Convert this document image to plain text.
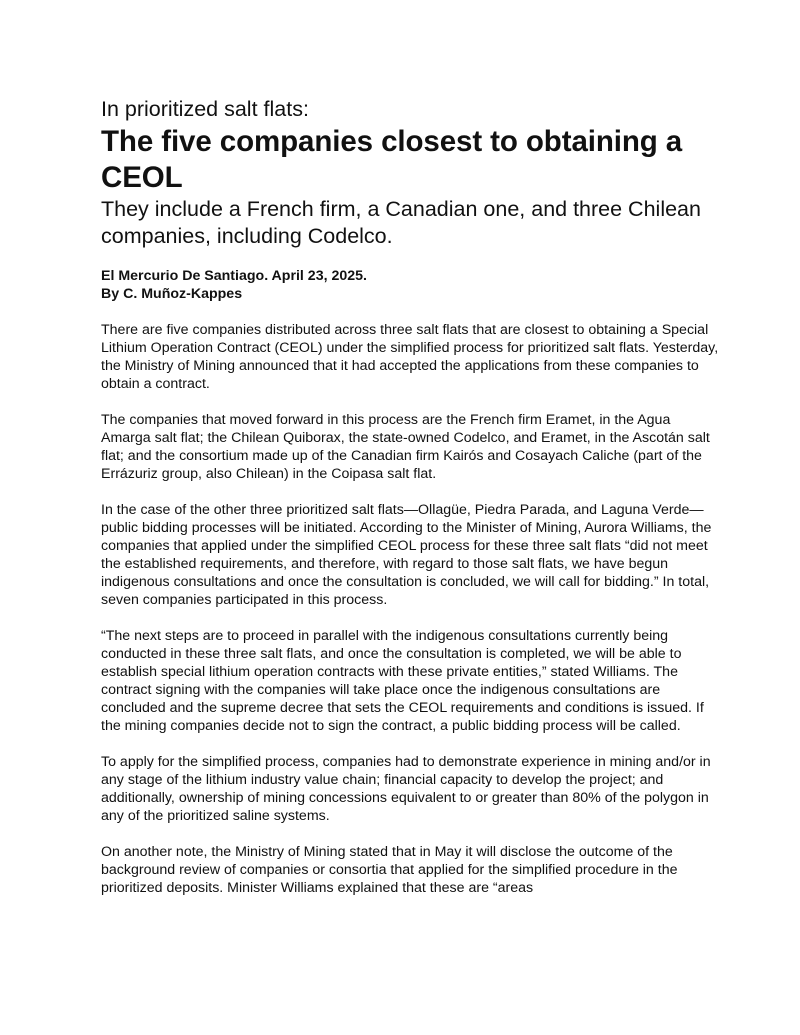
In prioritized salt flats:
The five companies closest to obtaining a CEOL
They include a French firm, a Canadian one, and three Chilean companies, including Codelco.
El Mercurio De Santiago. April 23, 2025.
By C. Muñoz-Kappes

There are five companies distributed across three salt flats that are closest to obtaining a Special Lithium Operation Contract (CEOL) under the simplified process for prioritized salt flats. Yesterday, the Ministry of Mining announced that it had accepted the applications from these companies to obtain a contract.

The companies that moved forward in this process are the French firm Eramet, in the Agua Amarga salt flat; the Chilean Quiborax, the state-owned Codelco, and Eramet, in the Ascotán salt flat; and the consortium made up of the Canadian firm Kairós and Cosayach Caliche (part of the Errázuriz group, also Chilean) in the Coipasa salt flat.

In the case of the other three prioritized salt flats—Ollagüe, Piedra Parada, and Laguna Verde—public bidding processes will be initiated. According to the Minister of Mining, Aurora Williams, the companies that applied under the simplified CEOL process for these three salt flats “did not meet the established requirements, and therefore, with regard to those salt flats, we have begun indigenous consultations and once the consultation is concluded, we will call for bidding.” In total, seven companies participated in this process.

“The next steps are to proceed in parallel with the indigenous consultations currently being conducted in these three salt flats, and once the consultation is completed, we will be able to establish special lithium operation contracts with these private entities,” stated Williams. The contract signing with the companies will take place once the indigenous consultations are concluded and the supreme decree that sets the CEOL requirements and conditions is issued. If the mining companies decide not to sign the contract, a public bidding process will be called.

To apply for the simplified process, companies had to demonstrate experience in mining and/or in any stage of the lithium industry value chain; financial capacity to develop the project; and additionally, ownership of mining concessions equivalent to or greater than 80% of the polygon in any of the prioritized saline systems.

On another note, the Ministry of Mining stated that in May it will disclose the outcome of the background review of companies or consortia that applied for the simplified procedure in the prioritized deposits. Minister Williams explained that these are “areas
